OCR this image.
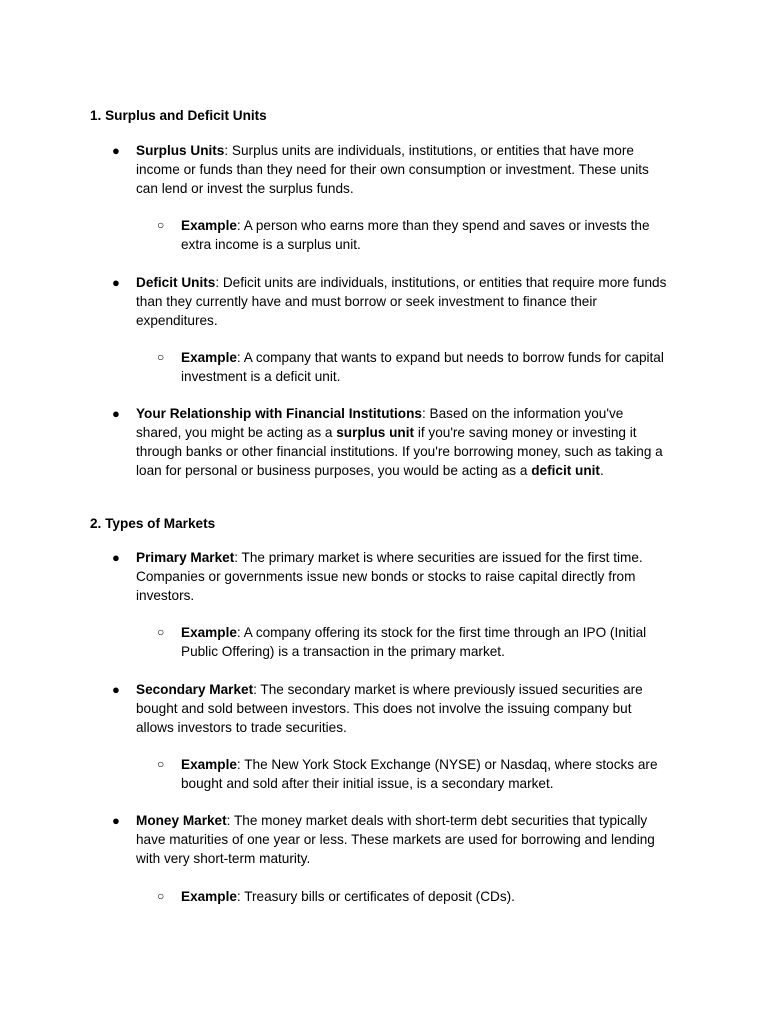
1. Surplus and Deficit Units
● Surplus Units: Surplus units are individuals, institutions, or entities that have more income or funds than they need for their own consumption or investment. These units can lend or invest the surplus funds.
○ Example: A person who earns more than they spend and saves or invests the extra income is a surplus unit.
● Deficit Units: Deficit units are individuals, institutions, or entities that require more funds than they currently have and must borrow or seek investment to finance their expenditures.
○ Example: A company that wants to expand but needs to borrow funds for capital investment is a deficit unit.
● Your Relationship with Financial Institutions: Based on the information you've shared, you might be acting as a surplus unit if you're saving money or investing it through banks or other financial institutions. If you're borrowing money, such as taking a loan for personal or business purposes, you would be acting as a deficit unit.
2. Types of Markets
● Primary Market: The primary market is where securities are issued for the first time. Companies or governments issue new bonds or stocks to raise capital directly from investors.
○ Example: A company offering its stock for the first time through an IPO (Initial Public Offering) is a transaction in the primary market.
● Secondary Market: The secondary market is where previously issued securities are bought and sold between investors. This does not involve the issuing company but allows investors to trade securities.
○ Example: The New York Stock Exchange (NYSE) or Nasdaq, where stocks are bought and sold after their initial issue, is a secondary market.
● Money Market: The money market deals with short-term debt securities that typically have maturities of one year or less. These markets are used for borrowing and lending with very short-term maturity.
○ Example: Treasury bills or certificates of deposit (CDs).
